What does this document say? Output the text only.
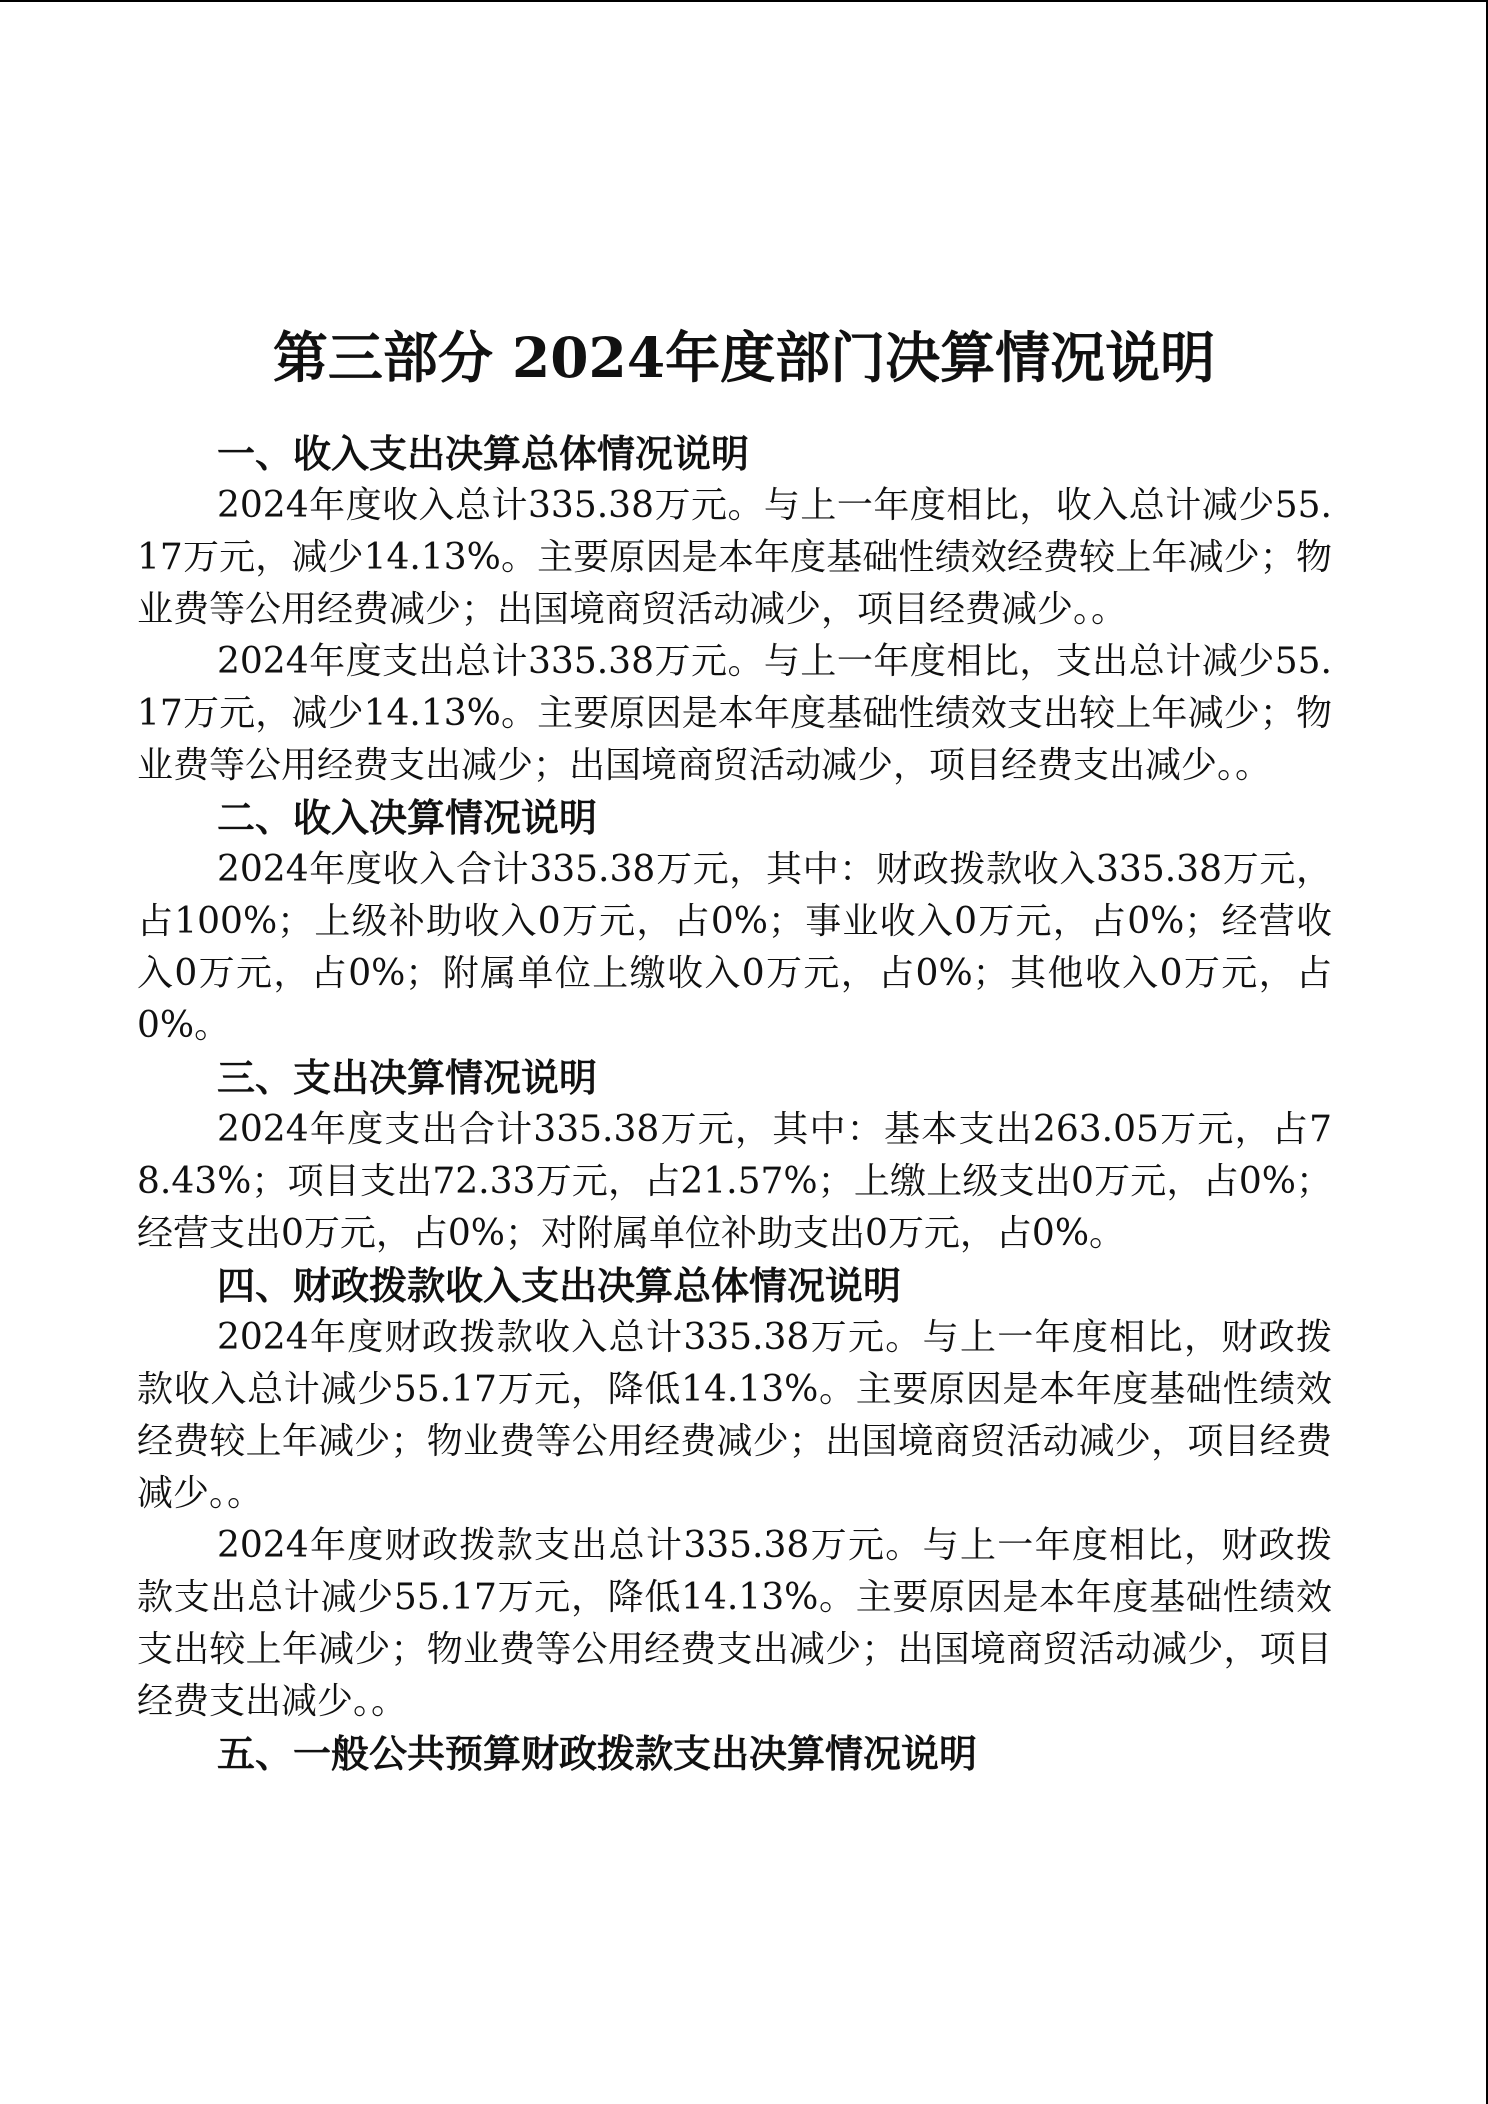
第三部分 2024年度部门决算情况说明
一、收入支出决算总体情况说明

2024年度收入总计335.38万元。与上一年度相比，收入总计减少55.17万元，减少14.13%。主要原因是本年度基础性绩效经费较上年减少；物业费等公用经费减少；出国境商贸活动减少，项目经费减少。。

2024年度支出总计335.38万元。与上一年度相比，支出总计减少55.17万元，减少14.13%。主要原因是本年度基础性绩效支出较上年减少；物业费等公用经费支出减少；出国境商贸活动减少，项目经费支出减少。。

二、收入决算情况说明

2024年度收入合计335.38万元，其中：财政拨款收入335.38万元，占100%；上级补助收入0万元，占0%；事业收入0万元，占0%；经营收入0万元，占0%；附属单位上缴收入0万元，占0%；其他收入0万元，占0%。

三、支出决算情况说明

2024年度支出合计335.38万元，其中：基本支出263.05万元，占78.43%；项目支出72.33万元，占21.57%；上缴上级支出0万元，占0%；经营支出0万元，占0%；对附属单位补助支出0万元，占0%。

四、财政拨款收入支出决算总体情况说明

2024年度财政拨款收入总计335.38万元。与上一年度相比，财政拨款收入总计减少55.17万元，降低14.13%。主要原因是本年度基础性绩效经费较上年减少；物业费等公用经费减少；出国境商贸活动减少，项目经费减少。。

2024年度财政拨款支出总计335.38万元。与上一年度相比，财政拨款支出总计减少55.17万元，降低14.13%。主要原因是本年度基础性绩效支出较上年减少；物业费等公用经费支出减少；出国境商贸活动减少，项目经费支出减少。。

五、一般公共预算财政拨款支出决算情况说明
